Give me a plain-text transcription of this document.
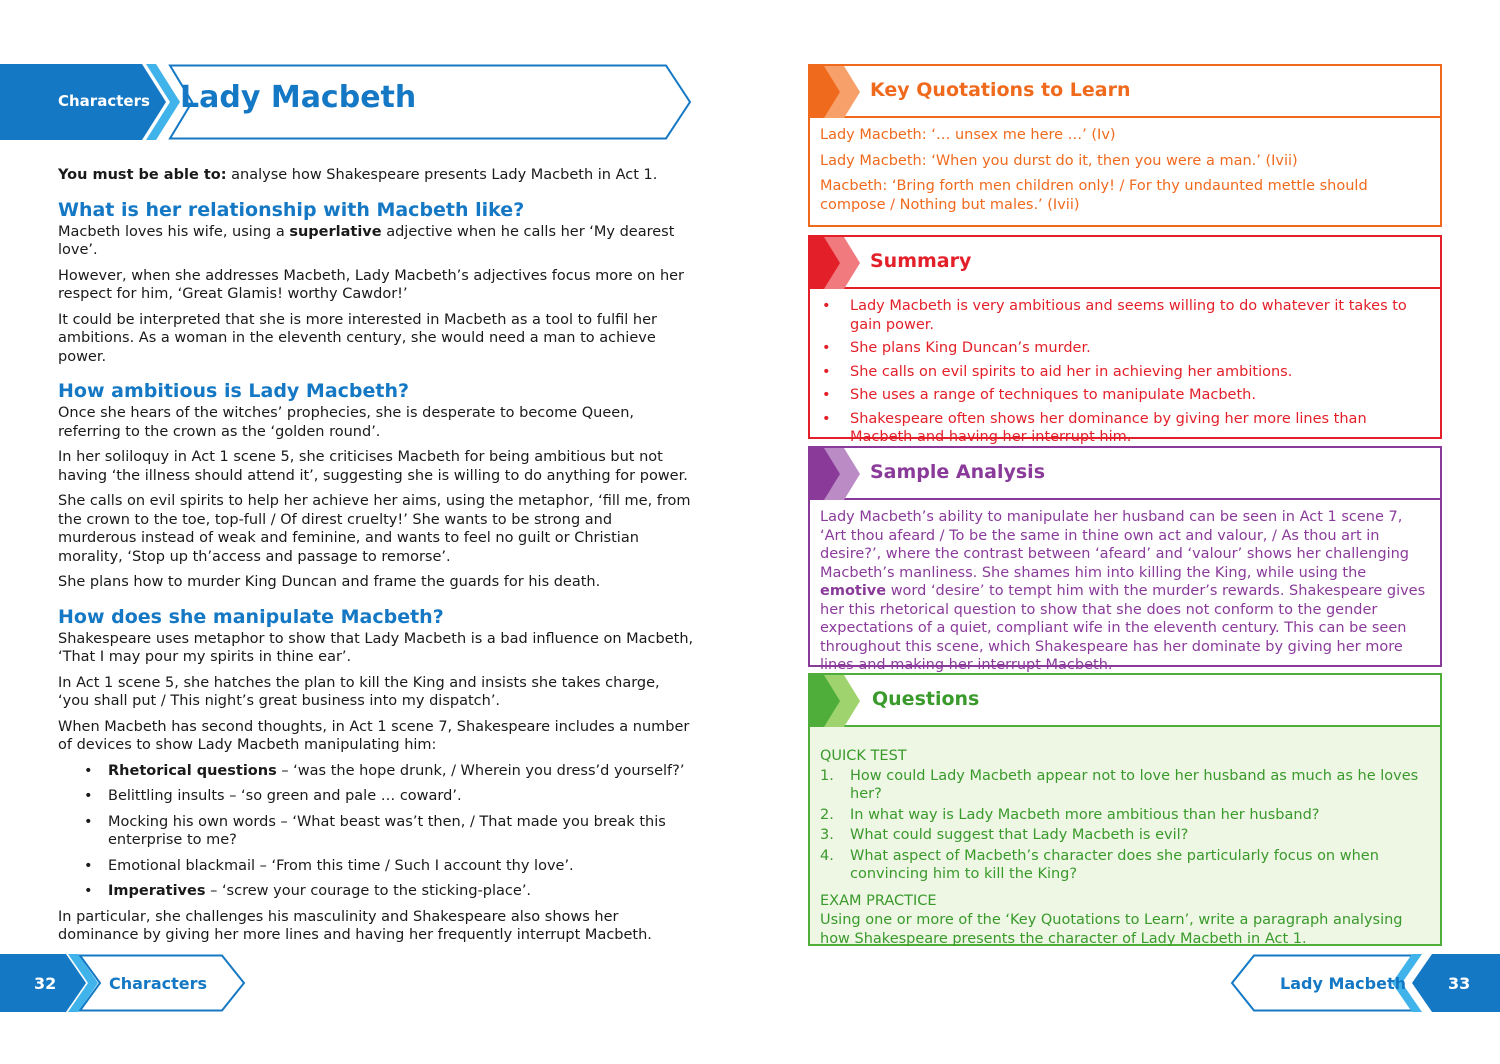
Characters Lady Macbeth

You must be able to: analyse how Shakespeare presents Lady Macbeth in Act 1.

What is her relationship with Macbeth like?

Macbeth loves his wife, using a superlative adjective when he calls her ‘My dearest love’.

However, when she addresses Macbeth, Lady Macbeth’s adjectives focus more on her respect for him, ‘Great Glamis! worthy Cawdor!’

It could be interpreted that she is more interested in Macbeth as a tool to fulfil her ambitions. As a woman in the eleventh century, she would need a man to achieve power.

How ambitious is Lady Macbeth?

Once she hears of the witches’ prophecies, she is desperate to become Queen, referring to the crown as the ‘golden round’.

In her soliloquy in Act 1 scene 5, she criticises Macbeth for being ambitious but not having ‘the illness should attend it’, suggesting she is willing to do anything for power.

She calls on evil spirits to help her achieve her aims, using the metaphor, ‘fill me, from the crown to the toe, top-full / Of direst cruelty!’ She wants to be strong and murderous instead of weak and feminine, and wants to feel no guilt or Christian morality, ‘Stop up th’access and passage to remorse’.

She plans how to murder King Duncan and frame the guards for his death.

How does she manipulate Macbeth?

Shakespeare uses metaphor to show that Lady Macbeth is a bad influence on Macbeth, ‘That I may pour my spirits in thine ear’.

In Act 1 scene 5, she hatches the plan to kill the King and insists she takes charge, ‘you shall put / This night’s great business into my dispatch’.

When Macbeth has second thoughts, in Act 1 scene 7, Shakespeare includes a number of devices to show Lady Macbeth manipulating him:

• Rhetorical questions – ‘was the hope drunk, / Wherein you dress’d yourself?’
• Belittling insults – ‘so green and pale … coward’.
• Mocking his own words – ‘What beast was’t then, / That made you break this enterprise to me?
• Emotional blackmail – ‘From this time / Such I account thy love’.
• Imperatives – ‘screw your courage to the sticking-place’.

In particular, she challenges his masculinity and Shakespeare also shows her dominance by giving her more lines and having her frequently interrupt Macbeth.

32	Characters
Key Quotations to Learn

Lady Macbeth: ‘… unsex me here …’ (Iv)

Lady Macbeth: ‘When you durst do it, then you were a man.’ (Ivii)

Macbeth: ‘Bring forth men children only! / For thy undaunted mettle should compose / Nothing but males.’ (Ivii)

Summary
• Lady Macbeth is very ambitious and seems willing to do whatever it takes to gain power.
• She plans King Duncan’s murder.
• She calls on evil spirits to aid her in achieving her ambitions.
• She uses a range of techniques to manipulate Macbeth.
• Shakespeare often shows her dominance by giving her more lines than Macbeth and having her interrupt him.
Sample Analysis

Lady Macbeth’s ability to manipulate her husband can be seen in Act 1 scene 7, ‘Art thou afeard / To be the same in thine own act and valour, / As thou art in desire?’, where the contrast between ‘afeard’ and ‘valour’ shows her challenging Macbeth’s manliness. She shames him into killing the King, while using the emotive word ‘desire’ to tempt him with the murder’s rewards. Shakespeare gives her this rhetorical question to show that she does not conform to the gender expectations of a quiet, compliant wife in the eleventh century. This can be seen throughout this scene, which Shakespeare has her dominate by giving her more lines and making her interrupt Macbeth.

Questions
QUICK TEST
1. How could Lady Macbeth appear not to love her husband as much as he loves her?
2. In what way is Lady Macbeth more ambitious than her husband?
3. What could suggest that Lady Macbeth is evil?
4. What aspect of Macbeth’s character does she particularly focus on when convincing him to kill the King?
EXAM PRACTICE

Using one or more of the ‘Key Quotations to Learn’, write a paragraph analysing how Shakespeare presents the character of Lady Macbeth in Act 1.

Lady Macbeth	33
